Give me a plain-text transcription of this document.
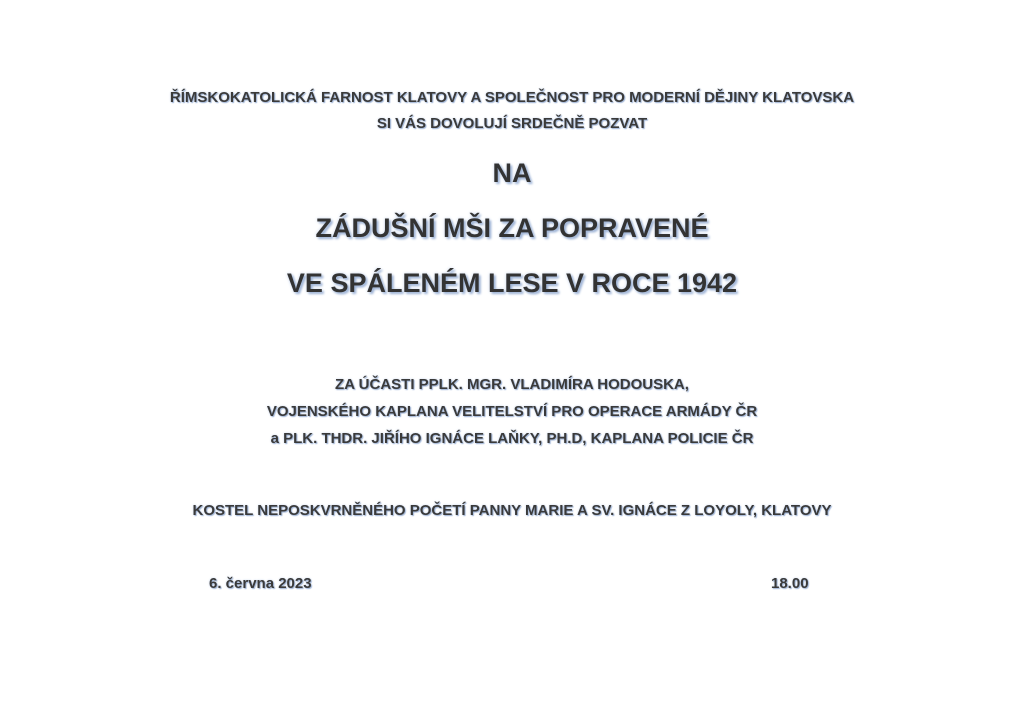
ŘÍMSKOKATOLICKÁ FARNOST KLATOVY A SPOLEČNOST PRO MODERNÍ DĚJINY KLATOVSKA
SI VÁS DOVOLUJÍ SRDEČNĚ POZVAT
NA
ZÁDUŠNÍ MŠI ZA POPRAVENÉ
VE SPÁLENÉM LESE V ROCE 1942
ZA ÚČASTI PPLK. MGR. VLADIMÍRA HODOUSKA,
VOJENSKÉHO KAPLANA VELITELSTVÍ PRO OPERACE ARMÁDY ČR
a PLK. THDR. JIŘÍHO IGNÁCE LAŇKY, PH.D, KAPLANA POLICIE ČR
KOSTEL NEPOSKVRNĚNÉHO POČETÍ PANNY MARIE A SV. IGNÁCE Z LOYOLY, KLATOVY
6. června 2023	18.00
